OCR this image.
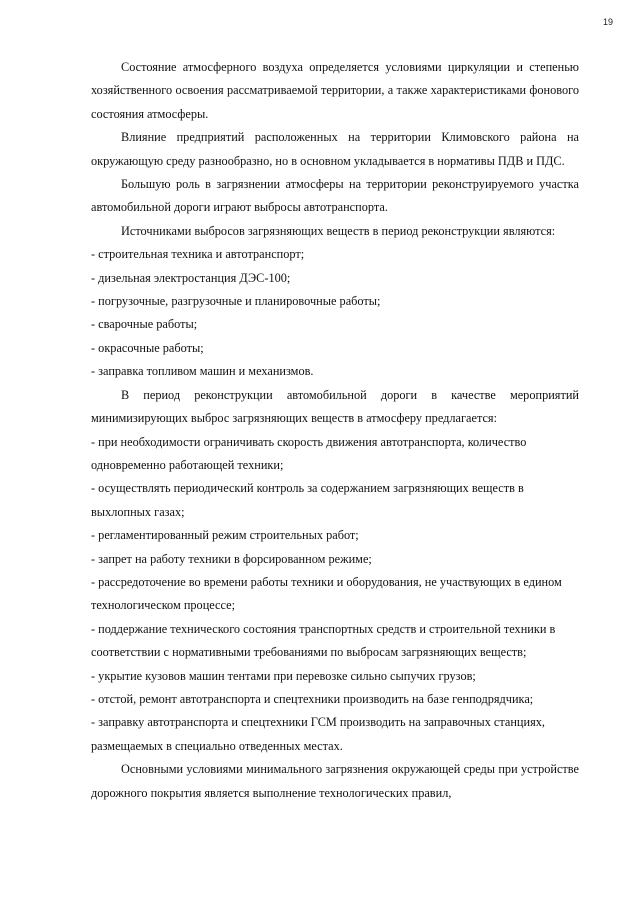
19

Состояние атмосферного воздуха определяется условиями циркуляции и степенью хозяйственного освоения рассматриваемой территории, а также характеристиками фонового состояния атмосферы.

Влияние предприятий расположенных на территории Климовского района на окружающую среду разнообразно, но в основном укладывается в нормативы ПДВ и ПДС.

Большую роль в загрязнении атмосферы на территории реконструируемого участка автомобильной дороги играют выбросы автотранспорта.

Источниками выбросов загрязняющих веществ в период реконструкции являются:

- строительная техника и автотранспорт;

- дизельная электростанция ДЭС-100;

- погрузочные, разгрузочные и планировочные работы;

- сварочные работы;

- окрасочные работы;

- заправка топливом машин и механизмов.

В период реконструкции автомобильной дороги в качестве мероприятий минимизирующих выброс загрязняющих веществ в атмосферу предлагается:

- при необходимости ограничивать скорость движения автотранспорта, количество одновременно работающей техники;

- осуществлять периодический контроль за содержанием загрязняющих веществ в выхлопных газах;

- регламентированный режим строительных работ;

- запрет на работу техники в форсированном режиме;

- рассредоточение во времени работы техники и оборудования, не участвующих в едином технологическом процессе;

- поддержание технического состояния транспортных средств и строительной техники в соответствии с нормативными требованиями по выбросам загрязняющих веществ;

- укрытие кузовов машин тентами при перевозке сильно сыпучих грузов;

- отстой, ремонт автотранспорта и спецтехники производить на базе генподрядчика;

- заправку автотранспорта и спецтехники ГСМ производить на заправочных станциях, размещаемых в специально отведенных местах.

Основными условиями минимального загрязнения окружающей среды при устройстве дорожного покрытия является выполнение технологических правил,
